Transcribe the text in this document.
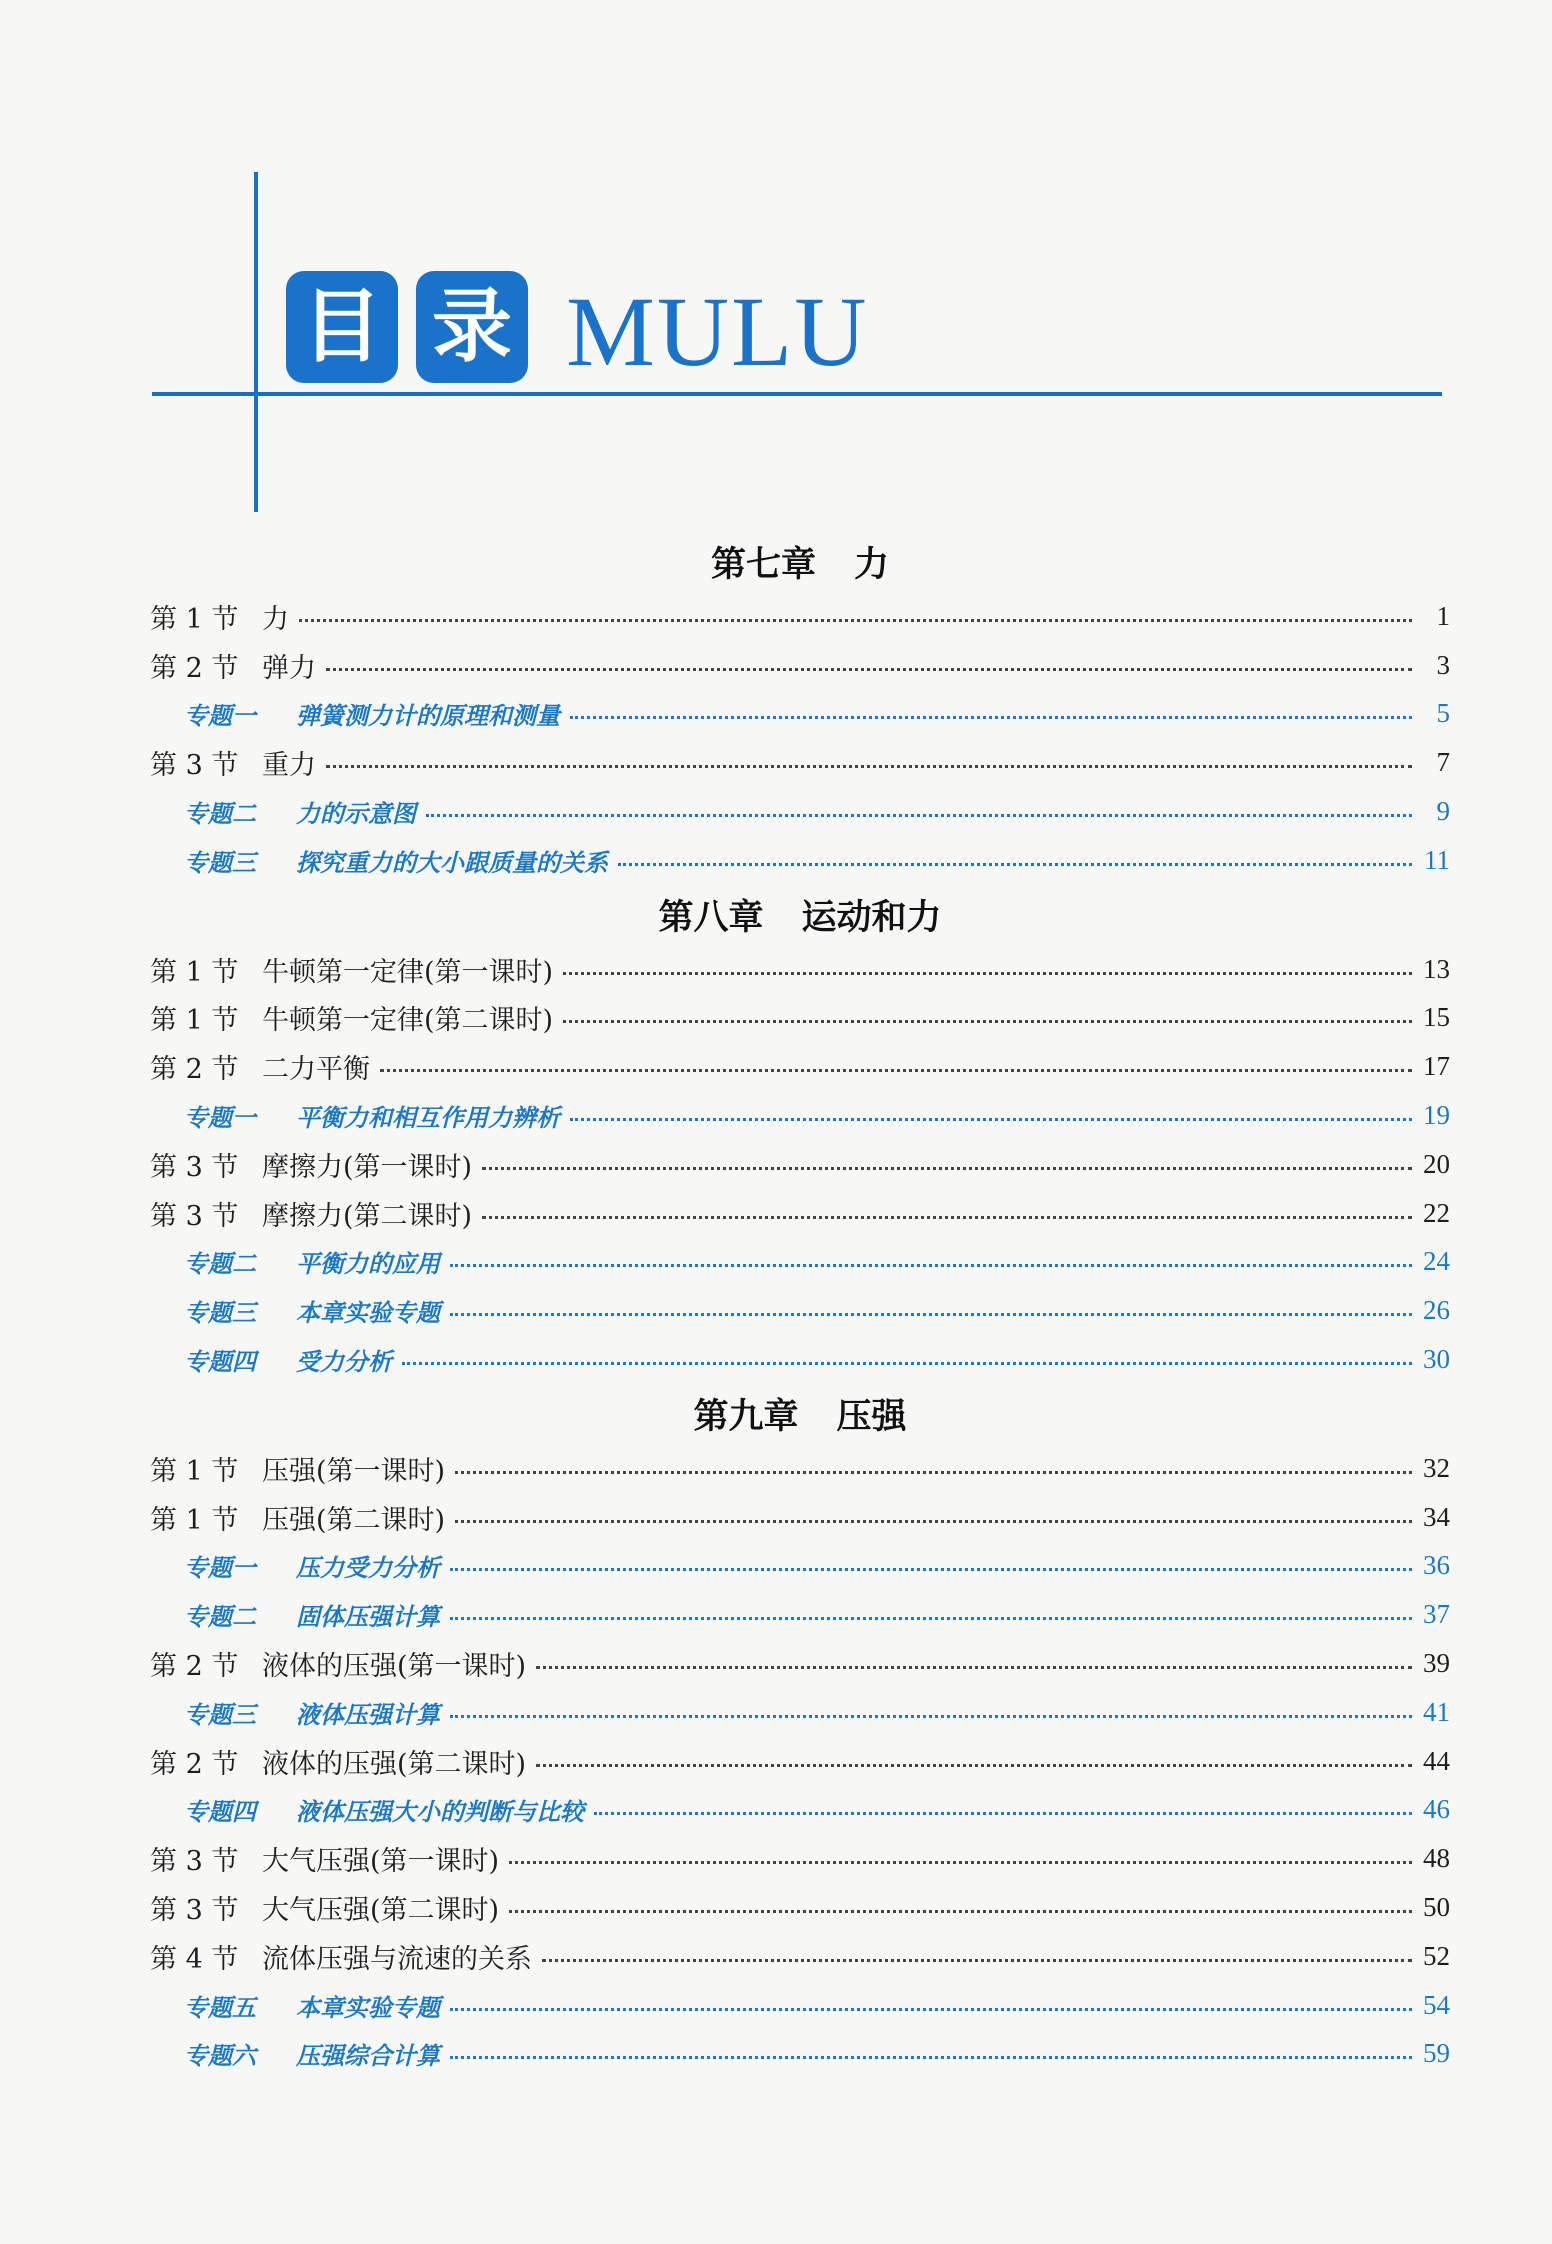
目 录 MULU
第七章 力
第 1 节 力	1
第 2 节 弹力	3
专题一	弹簧测力计的原理和测量	5
第 3 节 重力	7
专题二	力的示意图	9
专题三	探究重力的大小跟质量的关系	11
第八章 运动和力
第 1 节 牛顿第一定律(第一课时)	13
第 1 节 牛顿第一定律(第二课时)	15
第 2 节 二力平衡	17
专题一	平衡力和相互作用力辨析	19
第 3 节 摩擦力(第一课时)	20
第 3 节 摩擦力(第二课时)	22
专题二	平衡力的应用	24
专题三	本章实验专题	26
专题四	受力分析	30
第九章 压强
第 1 节 压强(第一课时)	32
第 1 节 压强(第二课时)	34
专题一	压力受力分析	36
专题二	固体压强计算	37
第 2 节 液体的压强(第一课时)	39
专题三	液体压强计算	41
第 2 节 液体的压强(第二课时)	44
专题四	液体压强大小的判断与比较	46
第 3 节 大气压强(第一课时)	48
第 3 节 大气压强(第二课时)	50
第 4 节 流体压强与流速的关系	52
专题五	本章实验专题	54
专题六	压强综合计算	59
